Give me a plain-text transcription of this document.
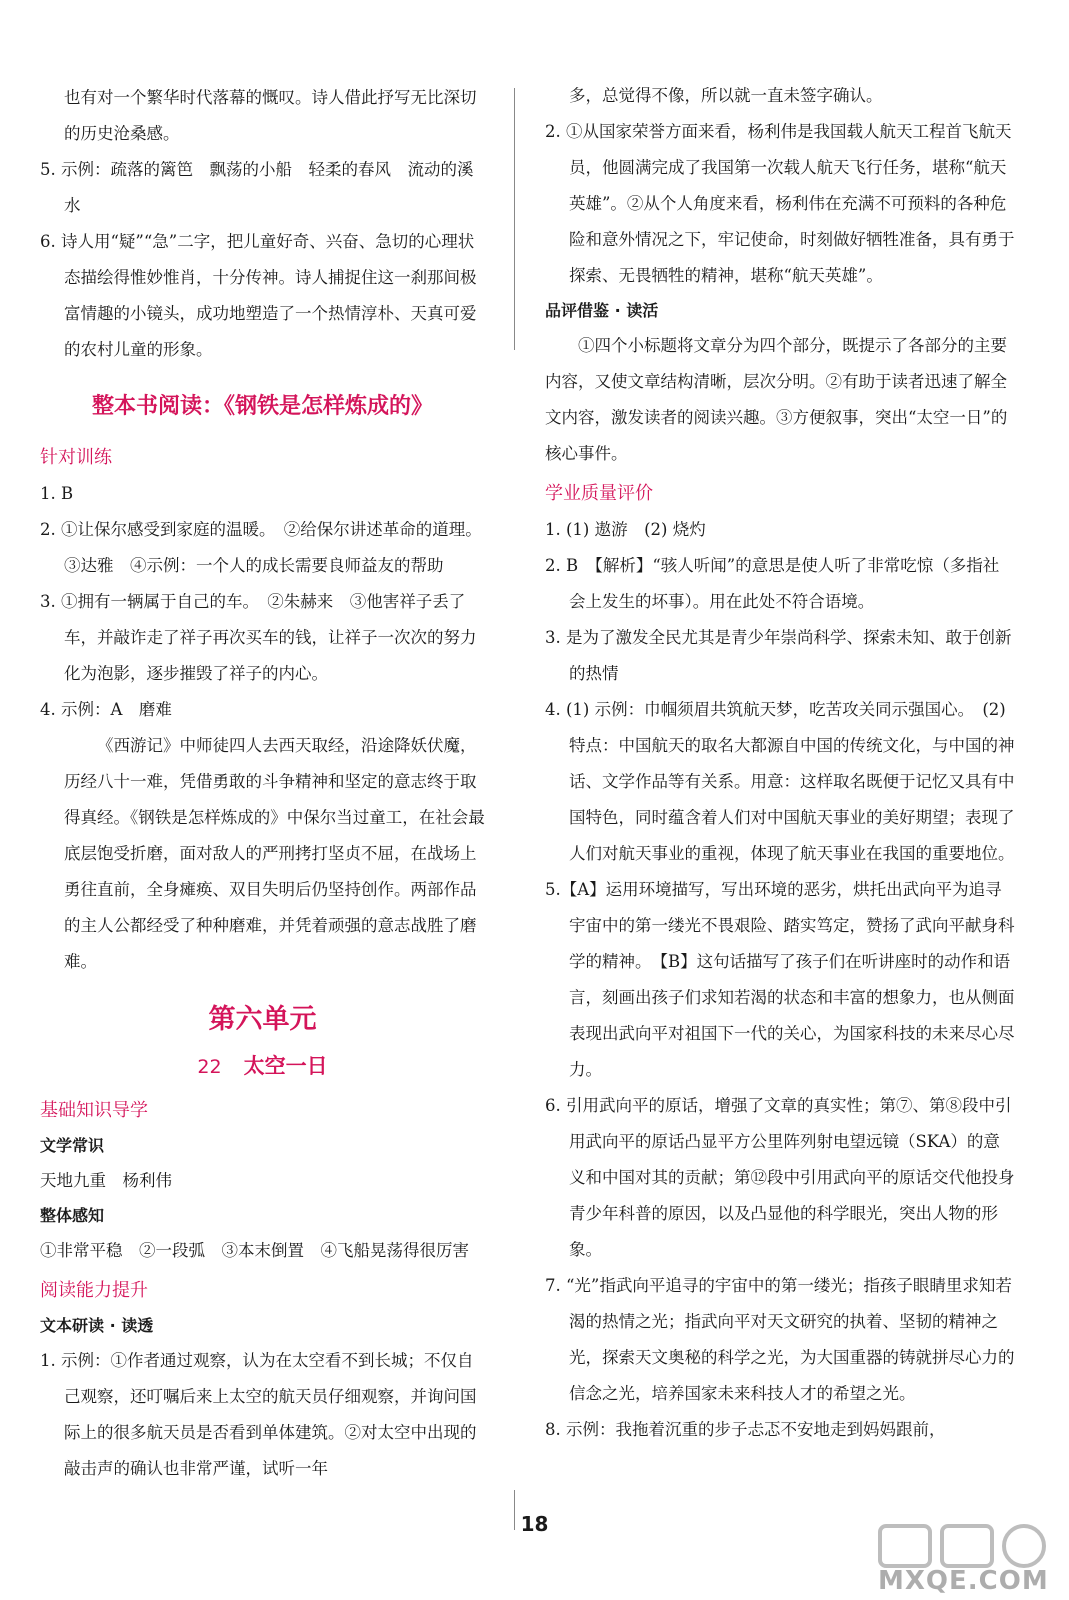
也有对一个繁华时代落幕的慨叹。诗人借此抒写无比深切的历史沧桑感。

5. 示例：疏落的篱笆　飘荡的小船　轻柔的春风　流动的溪水

6. 诗人用“疑”“急”二字，把儿童好奇、兴奋、急切的心理状态描绘得惟妙惟肖，十分传神。诗人捕捉住这一刹那间极富情趣的小镜头，成功地塑造了一个热情淳朴、天真可爱的农村儿童的形象。

整本书阅读：《钢铁是怎样炼成的》
针对训练

1. B

2. ①让保尔感受到家庭的温暖。　②给保尔讲述革命的道理。　③达雅　④示例：一个人的成长需要良师益友的帮助

3. ①拥有一辆属于自己的车。　②朱赫来　③他害祥子丢了车，并敲诈走了祥子再次买车的钱，让祥子一次次的努力化为泡影，逐步摧毁了祥子的内心。

4. 示例：A　磨难

《西游记》中师徒四人去西天取经，沿途降妖伏魔，历经八十一难，凭借勇敢的斗争精神和坚定的意志终于取得真经。《钢铁是怎样炼成的》中保尔当过童工，在社会最底层饱受折磨，面对敌人的严刑拷打坚贞不屈，在战场上勇往直前，全身瘫痪、双目失明后仍坚持创作。两部作品的主人公都经受了种种磨难，并凭着顽强的意志战胜了磨难。

第六单元
22 太空一日
基础知识导学
文学常识

天地九重　杨利伟

整体感知

①非常平稳　②一段弧　③本末倒置　④飞船晃荡得很厉害

阅读能力提升
文本研读 · 读透

1. 示例：①作者通过观察，认为在太空看不到长城；不仅自己观察，还叮嘱后来上太空的航天员仔细观察，并询问国际上的很多航天员是否看到单体建筑。②对太空中出现的敲击声的确认也非常严谨，试听一年

多，总觉得不像，所以就一直未签字确认。

2. ①从国家荣誉方面来看，杨利伟是我国载人航天工程首飞航天员，他圆满完成了我国第一次载人航天飞行任务，堪称“航天英雄”。②从个人角度来看，杨利伟在充满不可预料的各种危险和意外情况之下，牢记使命，时刻做好牺牲准备，具有勇于探索、无畏牺牲的精神，堪称“航天英雄”。

品评借鉴 · 读活

①四个小标题将文章分为四个部分，既提示了各部分的主要内容，又使文章结构清晰，层次分明。②有助于读者迅速了解全文内容，激发读者的阅读兴趣。③方便叙事，突出“太空一日”的核心事件。

学业质量评价

1. (1) 遨游　(2) 烧灼

2. B　【解析】“骇人听闻”的意思是使人听了非常吃惊（多指社会上发生的坏事）。用在此处不符合语境。

3. 是为了激发全民尤其是青少年崇尚科学、探索未知、敢于创新的热情

4. (1) 示例：巾帼须眉共筑航天梦，吃苦攻关同示强国心。　(2) 特点：中国航天的取名大都源自中国的传统文化，与中国的神话、文学作品等有关系。用意：这样取名既便于记忆又具有中国特色，同时蕴含着人们对中国航天事业的美好期望；表现了人们对航天事业的重视，体现了航天事业在我国的重要地位。

5.【A】运用环境描写，写出环境的恶劣，烘托出武向平为追寻宇宙中的第一缕光不畏艰险、踏实笃定，赞扬了武向平献身科学的精神。　【B】这句话描写了孩子们在听讲座时的动作和语言，刻画出孩子们求知若渴的状态和丰富的想象力，也从侧面表现出武向平对祖国下一代的关心，为国家科技的未来尽心尽力。

6. 引用武向平的原话，增强了文章的真实性；第⑦、第⑧段中引用武向平的原话凸显平方公里阵列射电望远镜（SKA）的意义和中国对其的贡献；第⑫段中引用武向平的原话交代他投身青少年科普的原因，以及凸显他的科学眼光，突出人物的形象。

7. “光”指武向平追寻的宇宙中的第一缕光；指孩子眼睛里求知若渴的热情之光；指武向平对天文研究的执着、坚韧的精神之光，探索天文奥秘的科学之光，为大国重器的铸就拼尽心力的信念之光，培养国家未来科技人才的希望之光。

8. 示例：我拖着沉重的步子忐忑不安地走到妈妈跟前，

18
MXQE.COM
